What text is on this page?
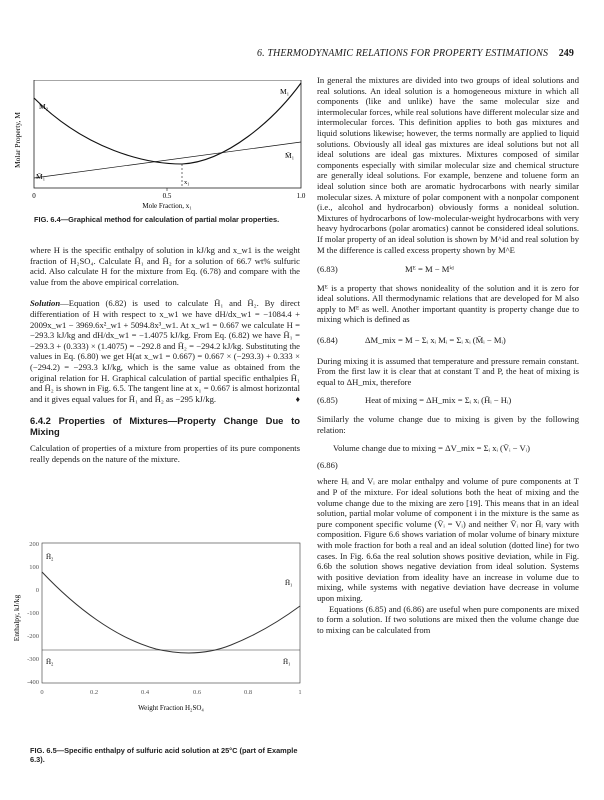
6. THERMODYNAMIC RELATIONS FOR PROPERTY ESTIMATIONS 249
Molar Property, M
M₂
M₁
M̄₁
M̄₁
x₁
0	0.5	1.0
Mole Fraction, x₁
FIG. 6.4—Graphical method for calculation of partial molar properties.

where H is the specific enthalpy of solution in kJ/kg and x_w1 is the weight fraction of H₂SO₄. Calculate H̄₁ and H̄₂ for a solution of 66.7 wt% sulfuric acid. Also calculate H for the mixture from Eq. (6.78) and compare with the value from the above empirical correlation.

Solution—Equation (6.82) is used to calculate H̄₁ and H̄₂. By direct differentiation of H with respect to x_w1 we have dH/dx_w1 = −1084.4 + 2009x_w1 − 3969.6x²_w1 + 5094.8x³_w1. At x_w1 = 0.667 we calculate H = −293.3 kJ/kg and dH/dx_w1 = −1.4075 kJ/kg. From Eq. (6.82) we have H̄₁ = −293.3 + (0.333) × (1.4075) = −292.8 and H̄₂ = −294.2 kJ/kg. Substituting the values in Eq. (6.80) we get H(at x_w1 = 0.667) = 0.667 × (−293.3) + 0.333 × (−294.2) = −293.3 kJ/kg, which is the same value as obtained from the original relation for H. Graphical calculation of partial specific enthalpies H̄₁ and H̄₂ is shown in Fig. 6.5. The tangent line at x₁ = 0.667 is almost horizontal and it gives equal values for H̄₁ and H̄₂ as −295 kJ/kg.	♦

6.4.2 Properties of Mixtures—Property Change Due to Mixing

Calculation of properties of a mixture from properties of its pure components really depends on the nature of the mixture.

Enthalpy, kJ/kg
200
100
0
-100
-200
-300
-400
0	0.2	0.4	0.6	0.8	1
Weight Fraction H₂SO₄
H̄₂
H̄₁
H̄₂	H̄₁
FIG. 6.5—Specific enthalpy of sulfuric acid solution at 25°C (part of Example 6.3).

In general the mixtures are divided into two groups of ideal solutions and real solutions. An ideal solution is a homogeneous mixture in which all components (like and unlike) have the same molecular size and intermolecular forces, while real solutions have different molecular size and intermolecular forces. This definition applies to both gas mixtures and liquid solutions likewise; however, the terms normally are applied to liquid solutions. Obviously all ideal gas mixtures are ideal solutions but not all ideal solutions are ideal gas mixtures. Mixtures composed of similar components especially with similar molecular size and chemical structure are generally ideal solutions. For example, benzene and toluene form an ideal solution since both are aromatic hydrocarbons with nearly similar molecular sizes. A mixture of polar component with a nonpolar component (i.e., alcohol and hydrocarbon) obviously forms a nonideal solution. Mixtures of hydrocarbons of low-molecular-weight hydrocarbons with very heavy hydrocarbons (polar aromatics) cannot be considered ideal solutions. If molar property of an ideal solution is shown by M^id and real solution by M the difference is called excess property shown by M^E

(6.83)	Mᴱ = M − Mⁱᵈ

Mᴱ is a property that shows nonideality of the solution and it is zero for ideal solutions. All thermodynamic relations that are developed for M also apply to Mᴱ as well. Another important quantity is property change due to mixing which is defined as

(6.84)	ΔM_mix = M − Σᵢ xᵢ Mᵢ = Σᵢ xᵢ (M̄ᵢ − Mᵢ)

During mixing it is assumed that temperature and pressure remain constant. From the first law it is clear that at constant T and P, the heat of mixing is equal to ΔH_mix, therefore

(6.85)	Heat of mixing = ΔH_mix = Σᵢ xᵢ (H̄ᵢ − Hᵢ)

Similarly the volume change due to mixing is given by the following relation:

Volume change due to mixing = ΔV_mix = Σᵢ xᵢ (V̄ᵢ − Vᵢ)
(6.86)

where Hᵢ and Vᵢ are molar enthalpy and volume of pure components at T and P of the mixture. For ideal solutions both the heat of mixing and the volume change due to the mixing are zero [19]. This means that in an ideal solution, partial molar volume of component i in the mixture is the same as pure component specific volume (V̄ᵢ = Vᵢ) and neither V̄ᵢ nor H̄ᵢ vary with composition. Figure 6.6 shows variation of molar volume of binary mixture with mole fraction for both a real and an ideal solution (dotted line) for two cases. In Fig. 6.6a the real solution shows positive deviation, while in Fig. 6.6b the solution shows negative deviation from ideal solution. Systems with positive deviation from ideality have an increase in volume due to mixing, while systems with negative deviation have decrease in volume upon mixing.

Equations (6.85) and (6.86) are useful when pure components are mixed to form a solution. If two solutions are mixed then the volume change due to mixing can be calculated from
